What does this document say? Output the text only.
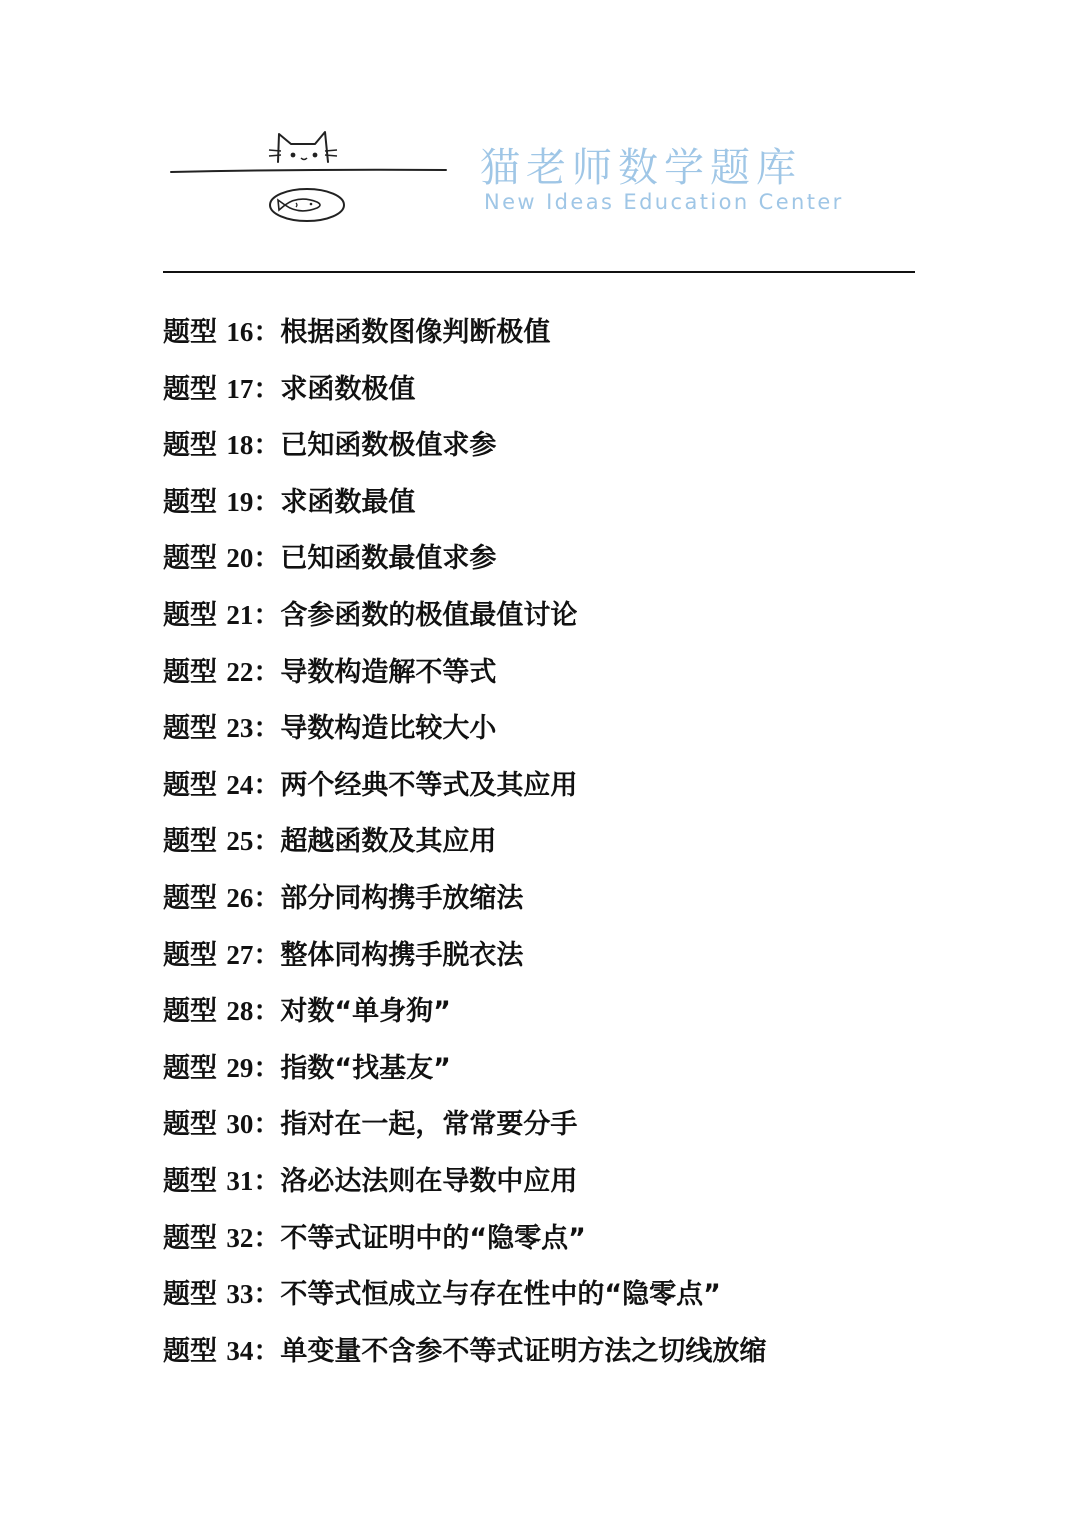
猫老师数学题库
New Ideas Education Center
题型 16：根据函数图像判断极值
题型 17：求函数极值
题型 18：已知函数极值求参
题型 19：求函数最值
题型 20：已知函数最值求参
题型 21：含参函数的极值最值讨论
题型 22：导数构造解不等式
题型 23：导数构造比较大小
题型 24：两个经典不等式及其应用
题型 25：超越函数及其应用
题型 26：部分同构携手放缩法
题型 27：整体同构携手脱衣法
题型 28：对数“单身狗”
题型 29：指数“找基友”
题型 30：指对在一起，常常要分手
题型 31：洛必达法则在导数中应用
题型 32：不等式证明中的“隐零点”
题型 33：不等式恒成立与存在性中的“隐零点”
题型 34：单变量不含参不等式证明方法之切线放缩
